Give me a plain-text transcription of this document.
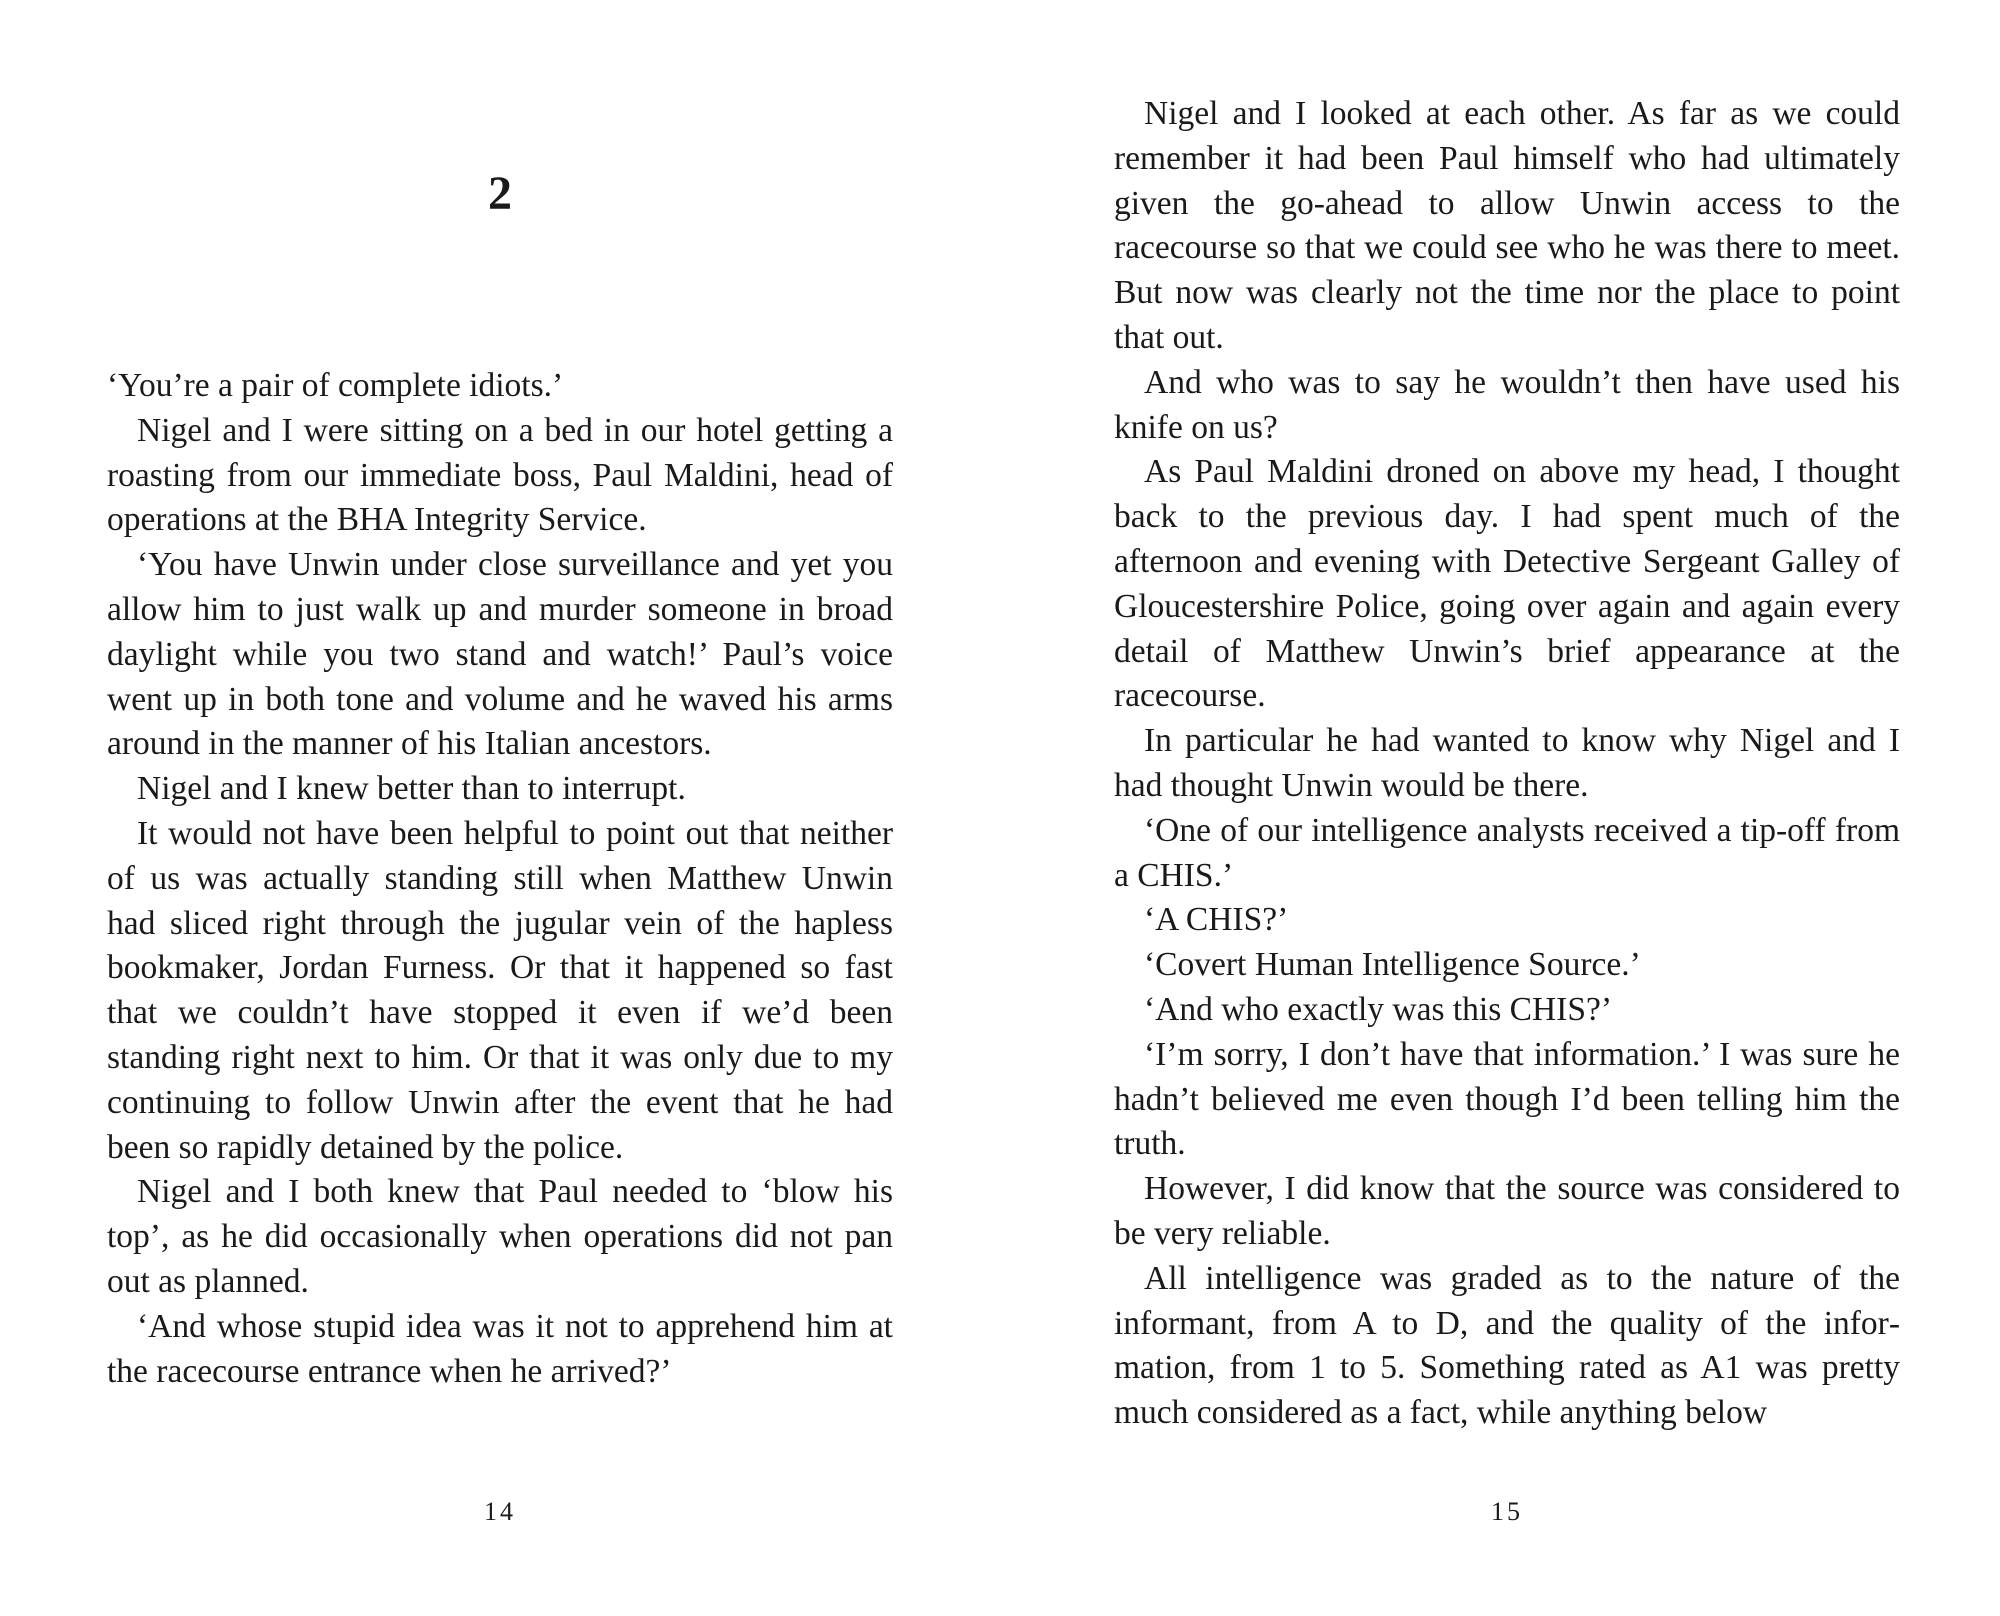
2

‘You’re a pair of complete idiots.’

Nigel and I were sitting on a bed in our hotel getting a roasting from our immediate boss, Paul Maldini, head of operations at the BHA Integrity Service.

‘You have Unwin under close surveillance and yet you allow him to just walk up and murder someone in broad daylight while you two stand and watch!’ Paul’s voice went up in both tone and volume and he waved his arms around in the manner of his Italian ancestors.

Nigel and I knew better than to interrupt.

It would not have been helpful to point out that neither of us was actually standing still when Matthew Unwin had sliced right through the jugular vein of the hapless bookmaker, Jordan Furness. Or that it happened so fast that we couldn’t have stopped it even if we’d been standing right next to him. Or that it was only due to my continuing to follow Unwin after the event that he had been so rapidly detained by the police.

Nigel and I both knew that Paul needed to ‘blow his top’, as he did occasionally when operations did not pan out as planned.

‘And whose stupid idea was it not to apprehend him at the racecourse entrance when he arrived?’

14

Nigel and I looked at each other. As far as we could remember it had been Paul himself who had ultimately given the go-ahead to allow Unwin access to the racecourse so that we could see who he was there to meet. But now was clearly not the time nor the place to point that out.

And who was to say he wouldn’t then have used his knife on us?

As Paul Maldini droned on above my head, I thought back to the previous day. I had spent much of the afternoon and evening with Detective Sergeant Galley of Gloucestershire Police, going over again and again every detail of Matthew Unwin’s brief appearance at the racecourse.

In particular he had wanted to know why Nigel and I had thought Unwin would be there.

‘One of our intelligence analysts received a tip-off from a CHIS.’

‘A CHIS?’

‘Covert Human Intelligence Source.’

‘And who exactly was this CHIS?’

‘I’m sorry, I don’t have that information.’ I was sure he hadn’t believed me even though I’d been telling him the truth.

However, I did know that the source was considered to be very reliable.

All intelligence was graded as to the nature of the informant, from A to D, and the quality of the information, from 1 to 5. Something rated as A1 was pretty much considered as a fact, while anything below

15
